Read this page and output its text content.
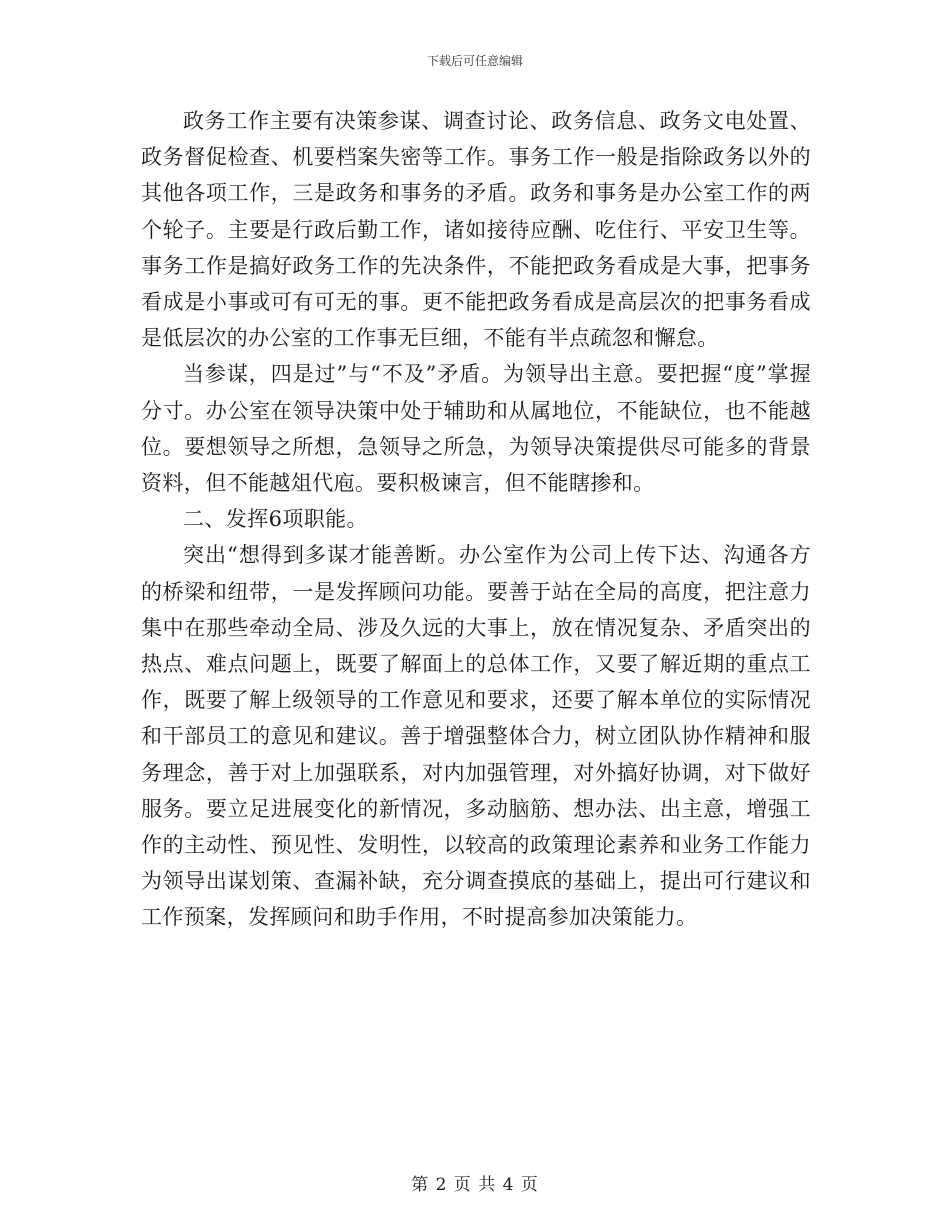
下载后可任意编辑

政务工作主要有决策参谋、调查讨论、政务信息、政务文电处置、政务督促检查、机要档案失密等工作。事务工作一般是指除政务以外的其他各项工作，三是政务和事务的矛盾。政务和事务是办公室工作的两个轮子。主要是行政后勤工作，诸如接待应酬、吃住行、平安卫生等。事务工作是搞好政务工作的先决条件，不能把政务看成是大事，把事务看成是小事或可有可无的事。更不能把政务看成是高层次的把事务看成是低层次的办公室的工作事无巨细，不能有半点疏忽和懈怠。

当参谋，四是过”与“不及”矛盾。为领导出主意。要把握“度”掌握分寸。办公室在领导决策中处于辅助和从属地位，不能缺位，也不能越位。要想领导之所想，急领导之所急，为领导决策提供尽可能多的背景资料，但不能越俎代庖。要积极谏言，但不能瞎掺和。

二、发挥6项职能。

突出“想得到多谋才能善断。办公室作为公司上传下达、沟通各方的桥梁和纽带，一是发挥顾问功能。要善于站在全局的高度，把注意力集中在那些牵动全局、涉及久远的大事上，放在情况复杂、矛盾突出的热点、难点问题上，既要了解面上的总体工作，又要了解近期的重点工作，既要了解上级领导的工作意见和要求，还要了解本单位的实际情况和干部员工的意见和建议。善于增强整体合力，树立团队协作精神和服务理念，善于对上加强联系，对内加强管理，对外搞好协调，对下做好服务。要立足进展变化的新情况，多动脑筋、想办法、出主意，增强工作的主动性、预见性、发明性，以较高的政策理论素养和业务工作能力为领导出谋划策、查漏补缺，充分调查摸底的基础上，提出可行建议和工作预案，发挥顾问和助手作用，不时提高参加决策能力。

第 2 页 共 4 页
